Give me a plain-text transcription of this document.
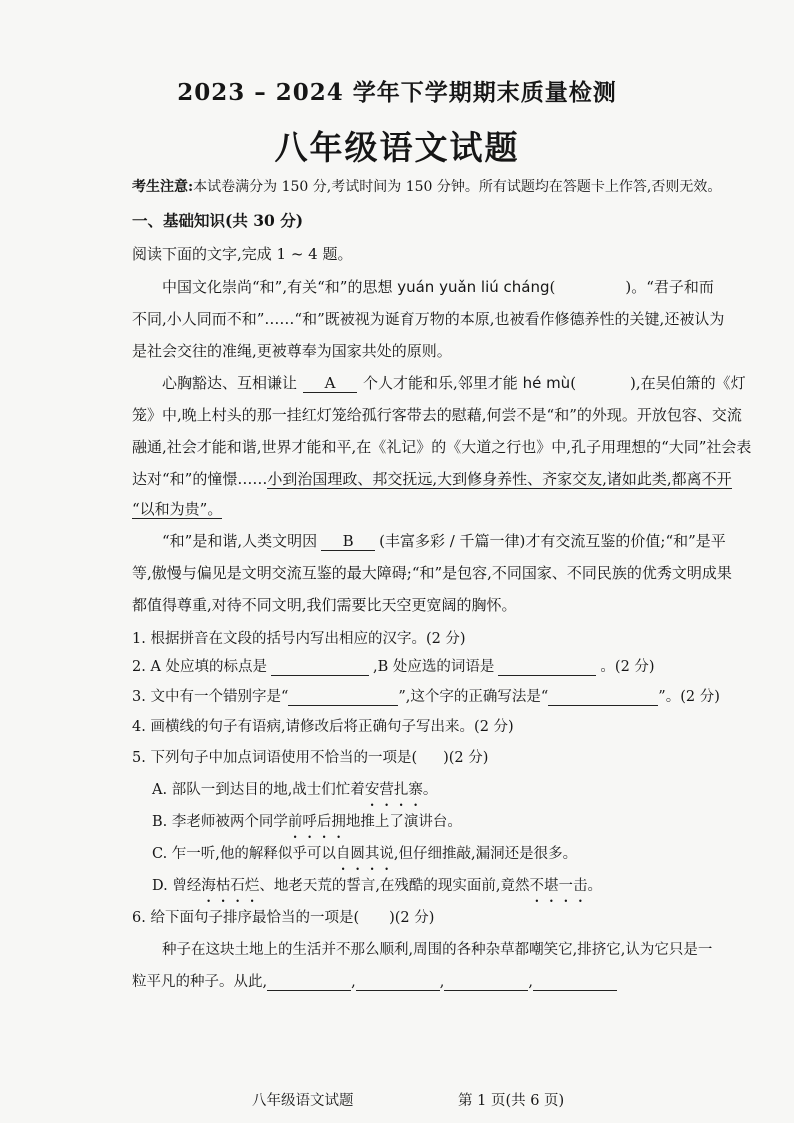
2023 – 2024 学年下学期期末质量检测
八年级语文试题
考生注意:本试卷满分为 150 分,考试时间为 150 分钟。所有试题均在答题卡上作答,否则无效。
一、基础知识(共 30 分)
阅读下面的文字,完成 1 ~ 4 题。
中国文化崇尚“和”,有关“和”的思想 yuán yuǎn liú cháng(	)。“君子和而
不同,小人同而不和”……“和”既被视为诞育万物的本原,也被看作修德养性的关键,还被认为
是社会交往的准绳,更被尊奉为国家共处的原则。
心胸豁达、互相谦让 A 个人才能和乐,邻里才能 hé mù(	),在吴伯箫的《灯
笼》中,晚上村头的那一挂红灯笼给孤行客带去的慰藉,何尝不是“和”的外现。开放包容、交流
融通,社会才能和谐,世界才能和平,在《礼记》的《大道之行也》中,孔子用理想的“大同”社会表
达对“和”的憧憬……小到治国理政、邦交抚远,大到修身养性、齐家交友,诸如此类,都离不开
“以和为贵”。
“和”是和谐,人类文明因 B (丰富多彩 / 千篇一律)才有交流互鉴的价值;“和”是平
等,傲慢与偏见是文明交流互鉴的最大障碍;“和”是包容,不同国家、不同民族的优秀文明成果
都值得尊重,对待不同文明,我们需要比天空更宽阔的胸怀。
1. 根据拼音在文段的括号内写出相应的汉字。(2 分)
2. A 处应填的标点是	,B 处应选的词语是	。(2 分)
3. 文中有一个错别字是“	”,这个字的正确写法是“	”。(2 分)
4. 画横线的句子有语病,请修改后将正确句子写出来。(2 分)
5. 下列句子中加点词语使用不恰当的一项是( )(2 分)
A. 部队一到达目的地,战士们忙着安营扎寨。
B. 李老师被两个同学前呼后拥地推上了演讲台。
C. 乍一听,他的解释似乎可以自圆其说,但仔细推敲,漏洞还是很多。
D. 曾经海枯石烂、地老天荒的誓言,在残酷的现实面前,竟然不堪一击。
6. 给下面句子排序最恰当的一项是( )(2 分)
种子在这块土地上的生活并不那么顺利,周围的各种杂草都嘲笑它,排挤它,认为它只是一
粒平凡的种子。从此,	,	,	,
八年级语文试题	第 1 页(共 6 页)
